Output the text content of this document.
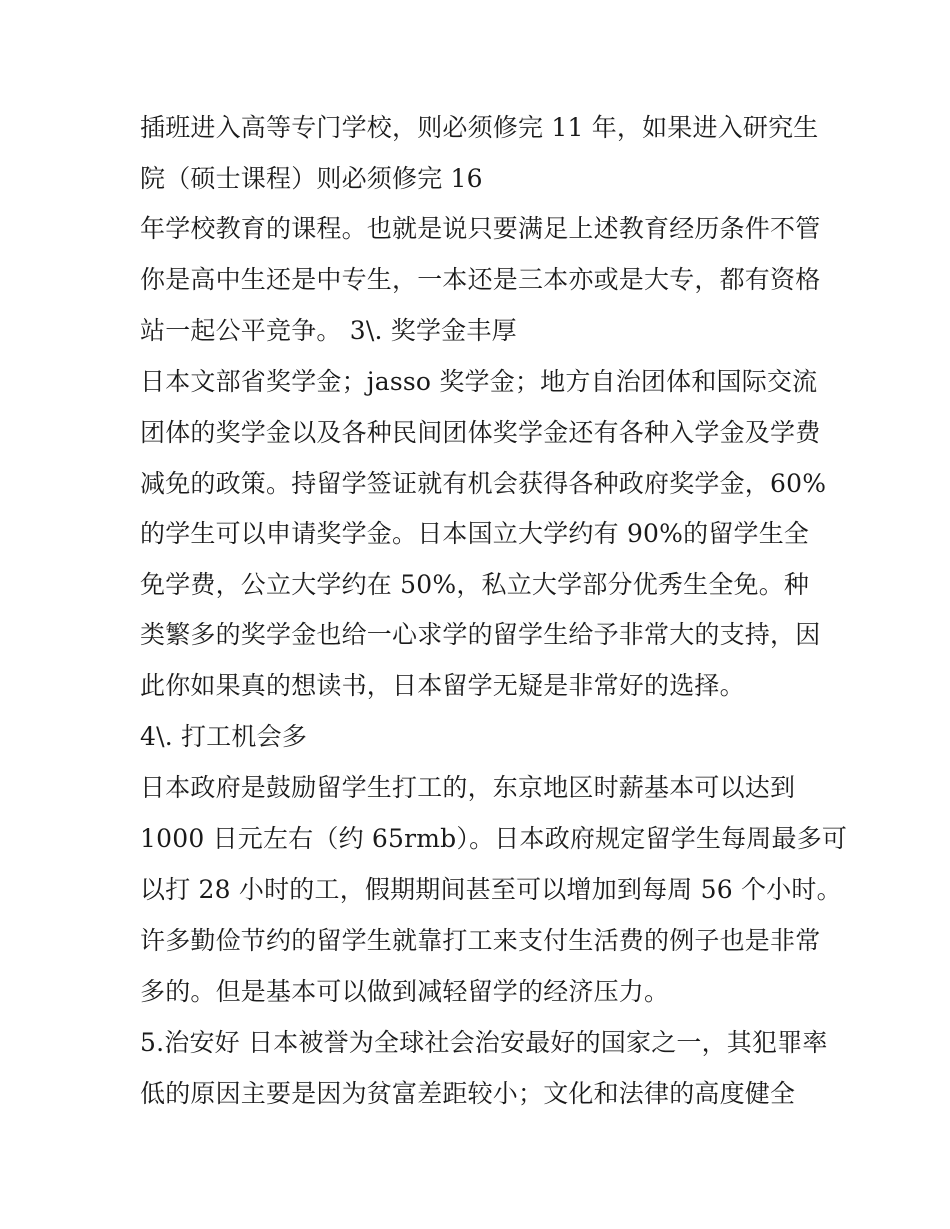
插班进入高等专门学校，则必须修完 11 年，如果进入研究生
院（硕士课程）则必须修完 16
年学校教育的课程。也就是说只要满足上述教育经历条件不管
你是高中生还是中专生，一本还是三本亦或是大专，都有资格
站一起公平竞争。 3\. 奖学金丰厚
日本文部省奖学金；jasso 奖学金；地方自治团体和国际交流
团体的奖学金以及各种民间团体奖学金还有各种入学金及学费
减免的政策。持留学签证就有机会获得各种政府奖学金，60%
的学生可以申请奖学金。日本国立大学约有 90%的留学生全
免学费，公立大学约在 50%，私立大学部分优秀生全免。种
类繁多的奖学金也给一心求学的留学生给予非常大的支持，因
此你如果真的想读书，日本留学无疑是非常好的选择。
4\. 打工机会多
日本政府是鼓励留学生打工的，东京地区时薪基本可以达到
1000 日元左右（约 65rmb）。日本政府规定留学生每周最多可
以打 28 小时的工，假期期间甚至可以增加到每周 56 个小时。
许多勤俭节约的留学生就靠打工来支付生活费的例子也是非常
多的。但是基本可以做到减轻留学的经济压力。
5.治安好 日本被誉为全球社会治安最好的国家之一，其犯罪率
低的原因主要是因为贫富差距较小；文化和法律的高度健全
